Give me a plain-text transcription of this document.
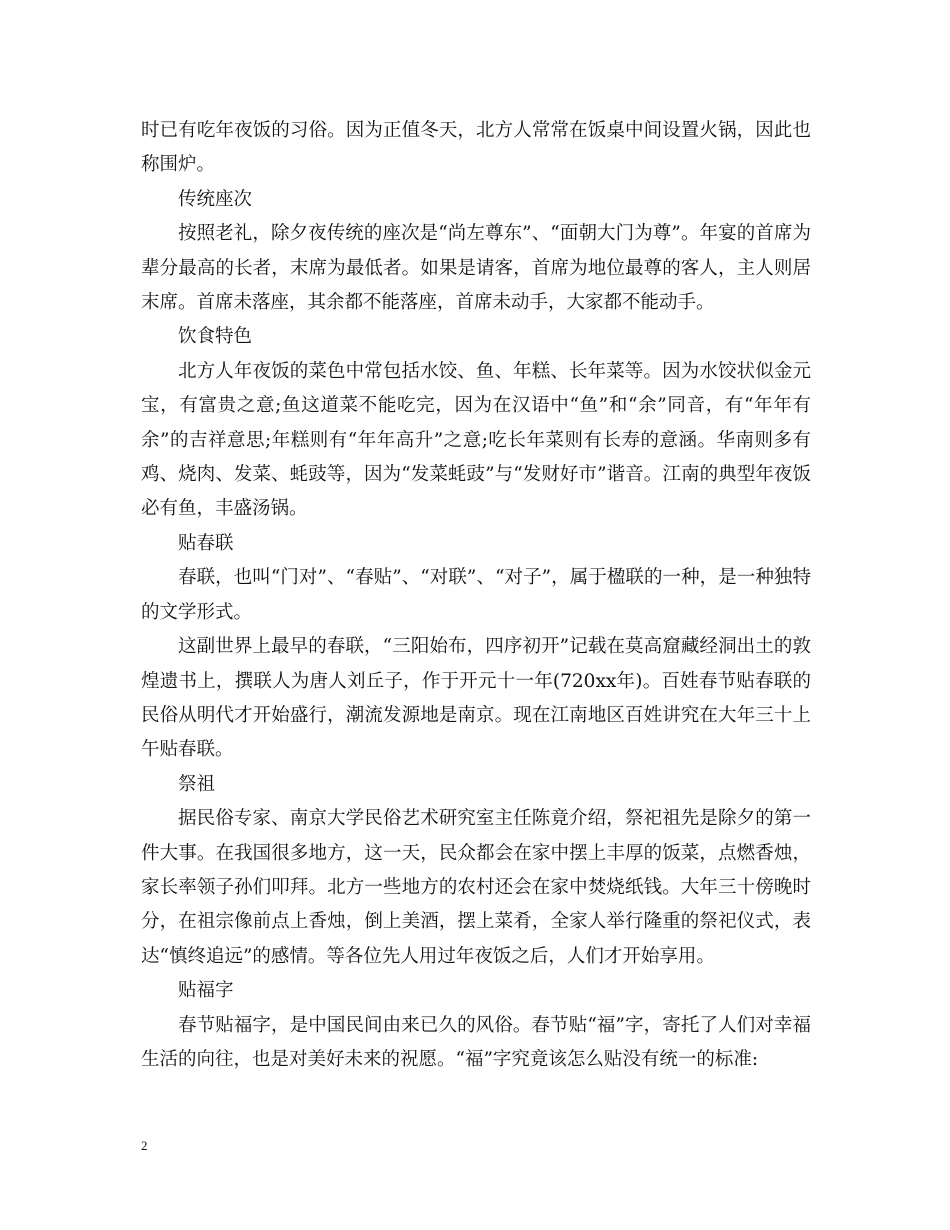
时已有吃年夜饭的习俗。因为正值冬天，北方人常常在饭桌中间设置火锅，因此也称围炉。

传统座次

按照老礼，除夕夜传统的座次是“尚左尊东”、“面朝大门为尊”。年宴的首席为辈分最高的长者，末席为最低者。如果是请客，首席为地位最尊的客人，主人则居末席。首席未落座，其余都不能落座，首席未动手，大家都不能动手。

饮食特色

北方人年夜饭的菜色中常包括水饺、鱼、年糕、长年菜等。因为水饺状似金元宝，有富贵之意;鱼这道菜不能吃完，因为在汉语中“鱼”和“余”同音，有“年年有余”的吉祥意思;年糕则有“年年高升”之意;吃长年菜则有长寿的意涵。华南则多有鸡、烧肉、发菜、蚝豉等，因为“发菜蚝豉”与“发财好市”谐音。江南的典型年夜饭必有鱼，丰盛汤锅。

贴春联

春联，也叫“门对”、“春贴”、“对联”、“对子”，属于楹联的一种，是一种独特的文学形式。

这副世界上最早的春联，“三阳始布，四序初开”记载在莫高窟藏经洞出土的敦煌遗书上，撰联人为唐人刘丘子，作于开元十一年(720xx年)。百姓春节贴春联的民俗从明代才开始盛行，潮流发源地是南京。现在江南地区百姓讲究在大年三十上午贴春联。

祭祖

据民俗专家、南京大学民俗艺术研究室主任陈竟介绍，祭祀祖先是除夕的第一件大事。在我国很多地方，这一天，民众都会在家中摆上丰厚的饭菜，点燃香烛，家长率领子孙们叩拜。北方一些地方的农村还会在家中焚烧纸钱。大年三十傍晚时分，在祖宗像前点上香烛，倒上美酒，摆上菜肴，全家人举行隆重的祭祀仪式，表达“慎终追远”的感情。等各位先人用过年夜饭之后，人们才开始享用。

贴福字

春节贴福字，是中国民间由来已久的风俗。春节贴“福”字，寄托了人们对幸福生活的向往，也是对美好未来的祝愿。“福”字究竟该怎么贴没有统一的标准:

2
